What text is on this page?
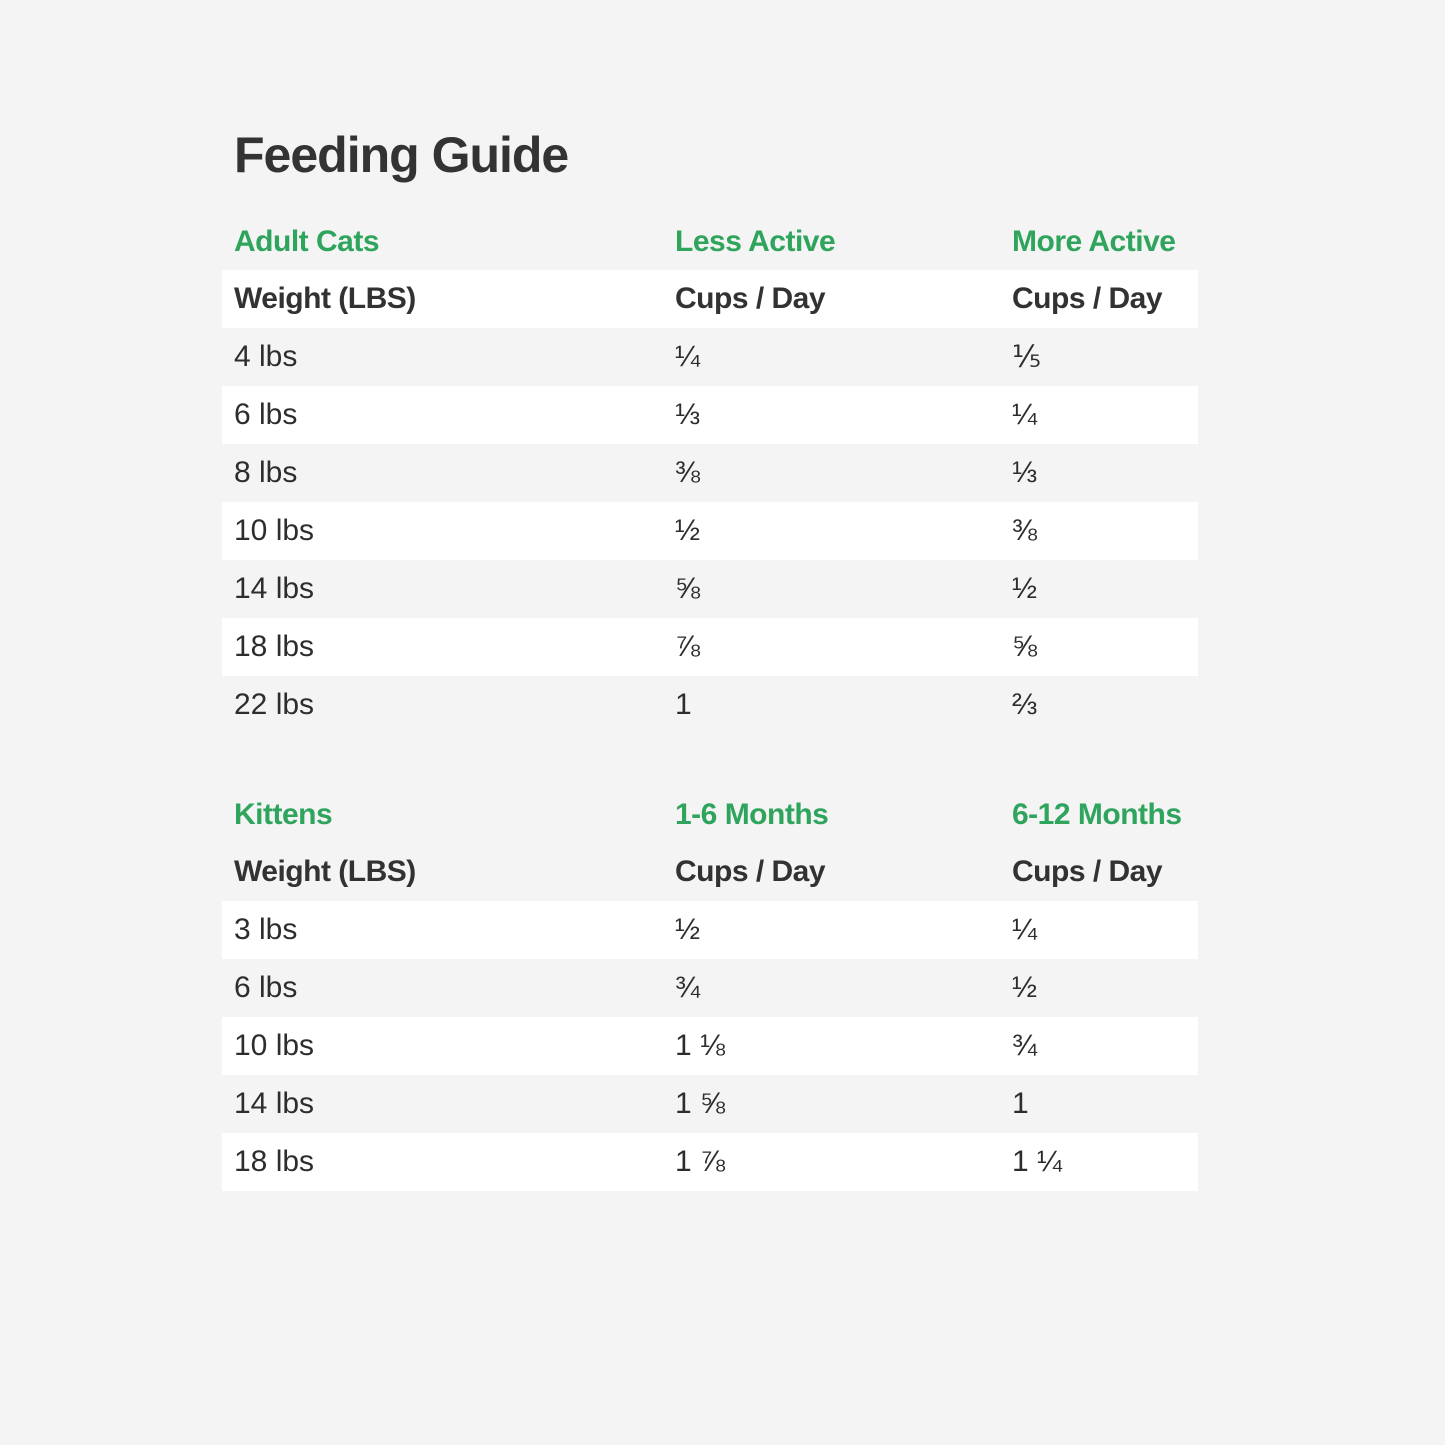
Feeding Guide
Adult Cats	Less Active	More Active
Weight (LBS)	Cups / Day	Cups / Day
4 lbs	¼	⅕
6 lbs	⅓	¼
8 lbs	⅜	⅓
10 lbs	½	⅜
14 lbs	⅝	½
18 lbs	⅞	⅝
22 lbs	1	⅔
Kittens	1-6 Months	6-12 Months
Weight (LBS)	Cups / Day	Cups / Day
3 lbs	½	¼
6 lbs	¾	½
10 lbs	1 ⅛	¾
14 lbs	1 ⅝	1
18 lbs	1 ⅞	1 ¼
